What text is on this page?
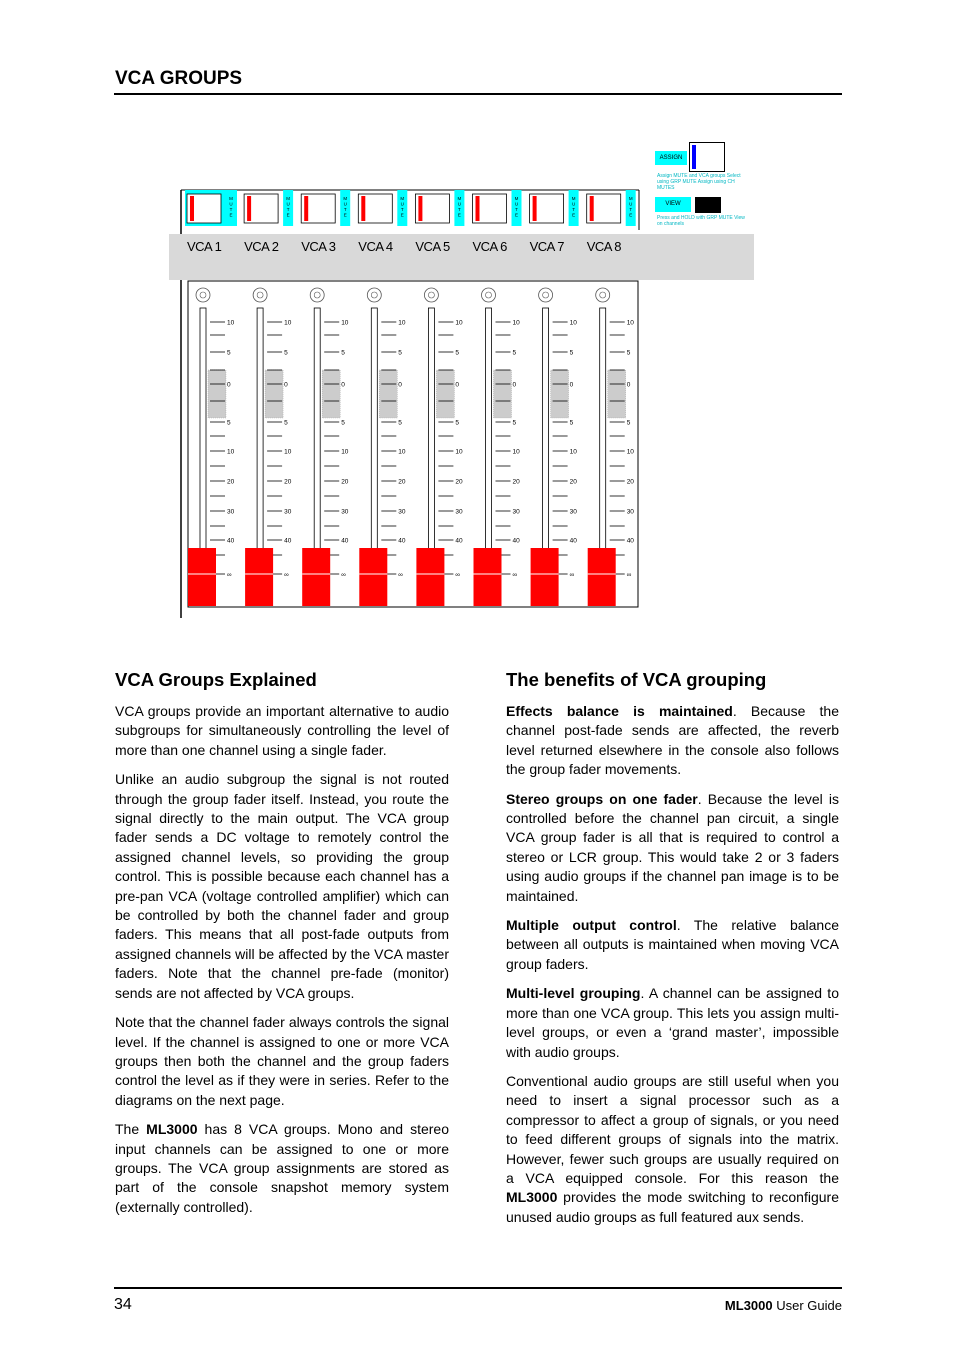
VCA GROUPS
ASSIGN
Assign MUTE and VCA groups Select using GRP MUTE Assign using CH MUTES
VIEW
Press and HOLD with GRP MUTE View on channels
M
U
T
E
VCA 1
10
5
0
5
10
20
30
40
∞
M
U
T
E
VCA 2
10
5
0
5
10
20
30
40
∞
M
U
T
E
VCA 3
10
5
0
5
10
20
30
40
∞
M
U
T
E
VCA 4
10
5
0
5
10
20
30
40
∞
M
U
T
E
VCA 5
10
5
0
5
10
20
30
40
∞
M
U
T
E
VCA 6
10
5
0
5
10
20
30
40
∞
M
U
T
E
VCA 7
10
5
0
5
10
20
30
40
∞
M
U
T
E
VCA 8
10
5
0
5
10
20
30
40
∞
VCA Groups Explained

VCA groups provide an important alternative to audio subgroups for simultaneously controlling the level of more than one channel using a single fader.

Unlike an audio subgroup the signal is not routed through the group fader itself. Instead, you route the signal directly to the main output. The VCA group fader sends a DC voltage to remotely control the assigned channel levels, so providing the group control. This is possible because each channel has a pre-pan VCA (voltage controlled amplifier) which can be controlled by both the channel fader and group faders. This means that all post-fade outputs from assigned channels will be affected by the VCA master faders. Note that the channel pre-fade (monitor) sends are not affected by VCA groups.

Note that the channel fader always controls the signal level. If the channel is assigned to one or more VCA groups then both the channel and the group faders control the level as if they were in series. Refer to the diagrams on the next page.

The ML3000 has 8 VCA groups. Mono and stereo input channels can be assigned to one or more groups. The VCA group assignments are stored as part of the console snapshot memory system (externally controlled).

The benefits of VCA grouping

Effects balance is maintained. Because the channel post-fade sends are affected, the reverb level returned elsewhere in the console also follows the group fader movements.

Stereo groups on one fader. Because the level is controlled before the channel pan circuit, a single VCA group fader is all that is required to control a stereo or LCR group. This would take 2 or 3 faders using audio groups if the channel pan image is to be maintained.

Multiple output control. The relative balance between all outputs is maintained when moving VCA group faders.

Multi-level grouping. A channel can be assigned to more than one VCA group. This lets you assign multi-level groups, or even a ‘grand master’, impossible with audio groups.

Conventional audio groups are still useful when you need to insert a signal processor such as a compressor to affect a group of signals, or you need to feed different groups of signals into the matrix. However, fewer such groups are usually required on a VCA equipped console. For this reason the ML3000 provides the mode switching to reconfigure unused audio groups as full featured aux sends.

34	ML3000 User Guide
